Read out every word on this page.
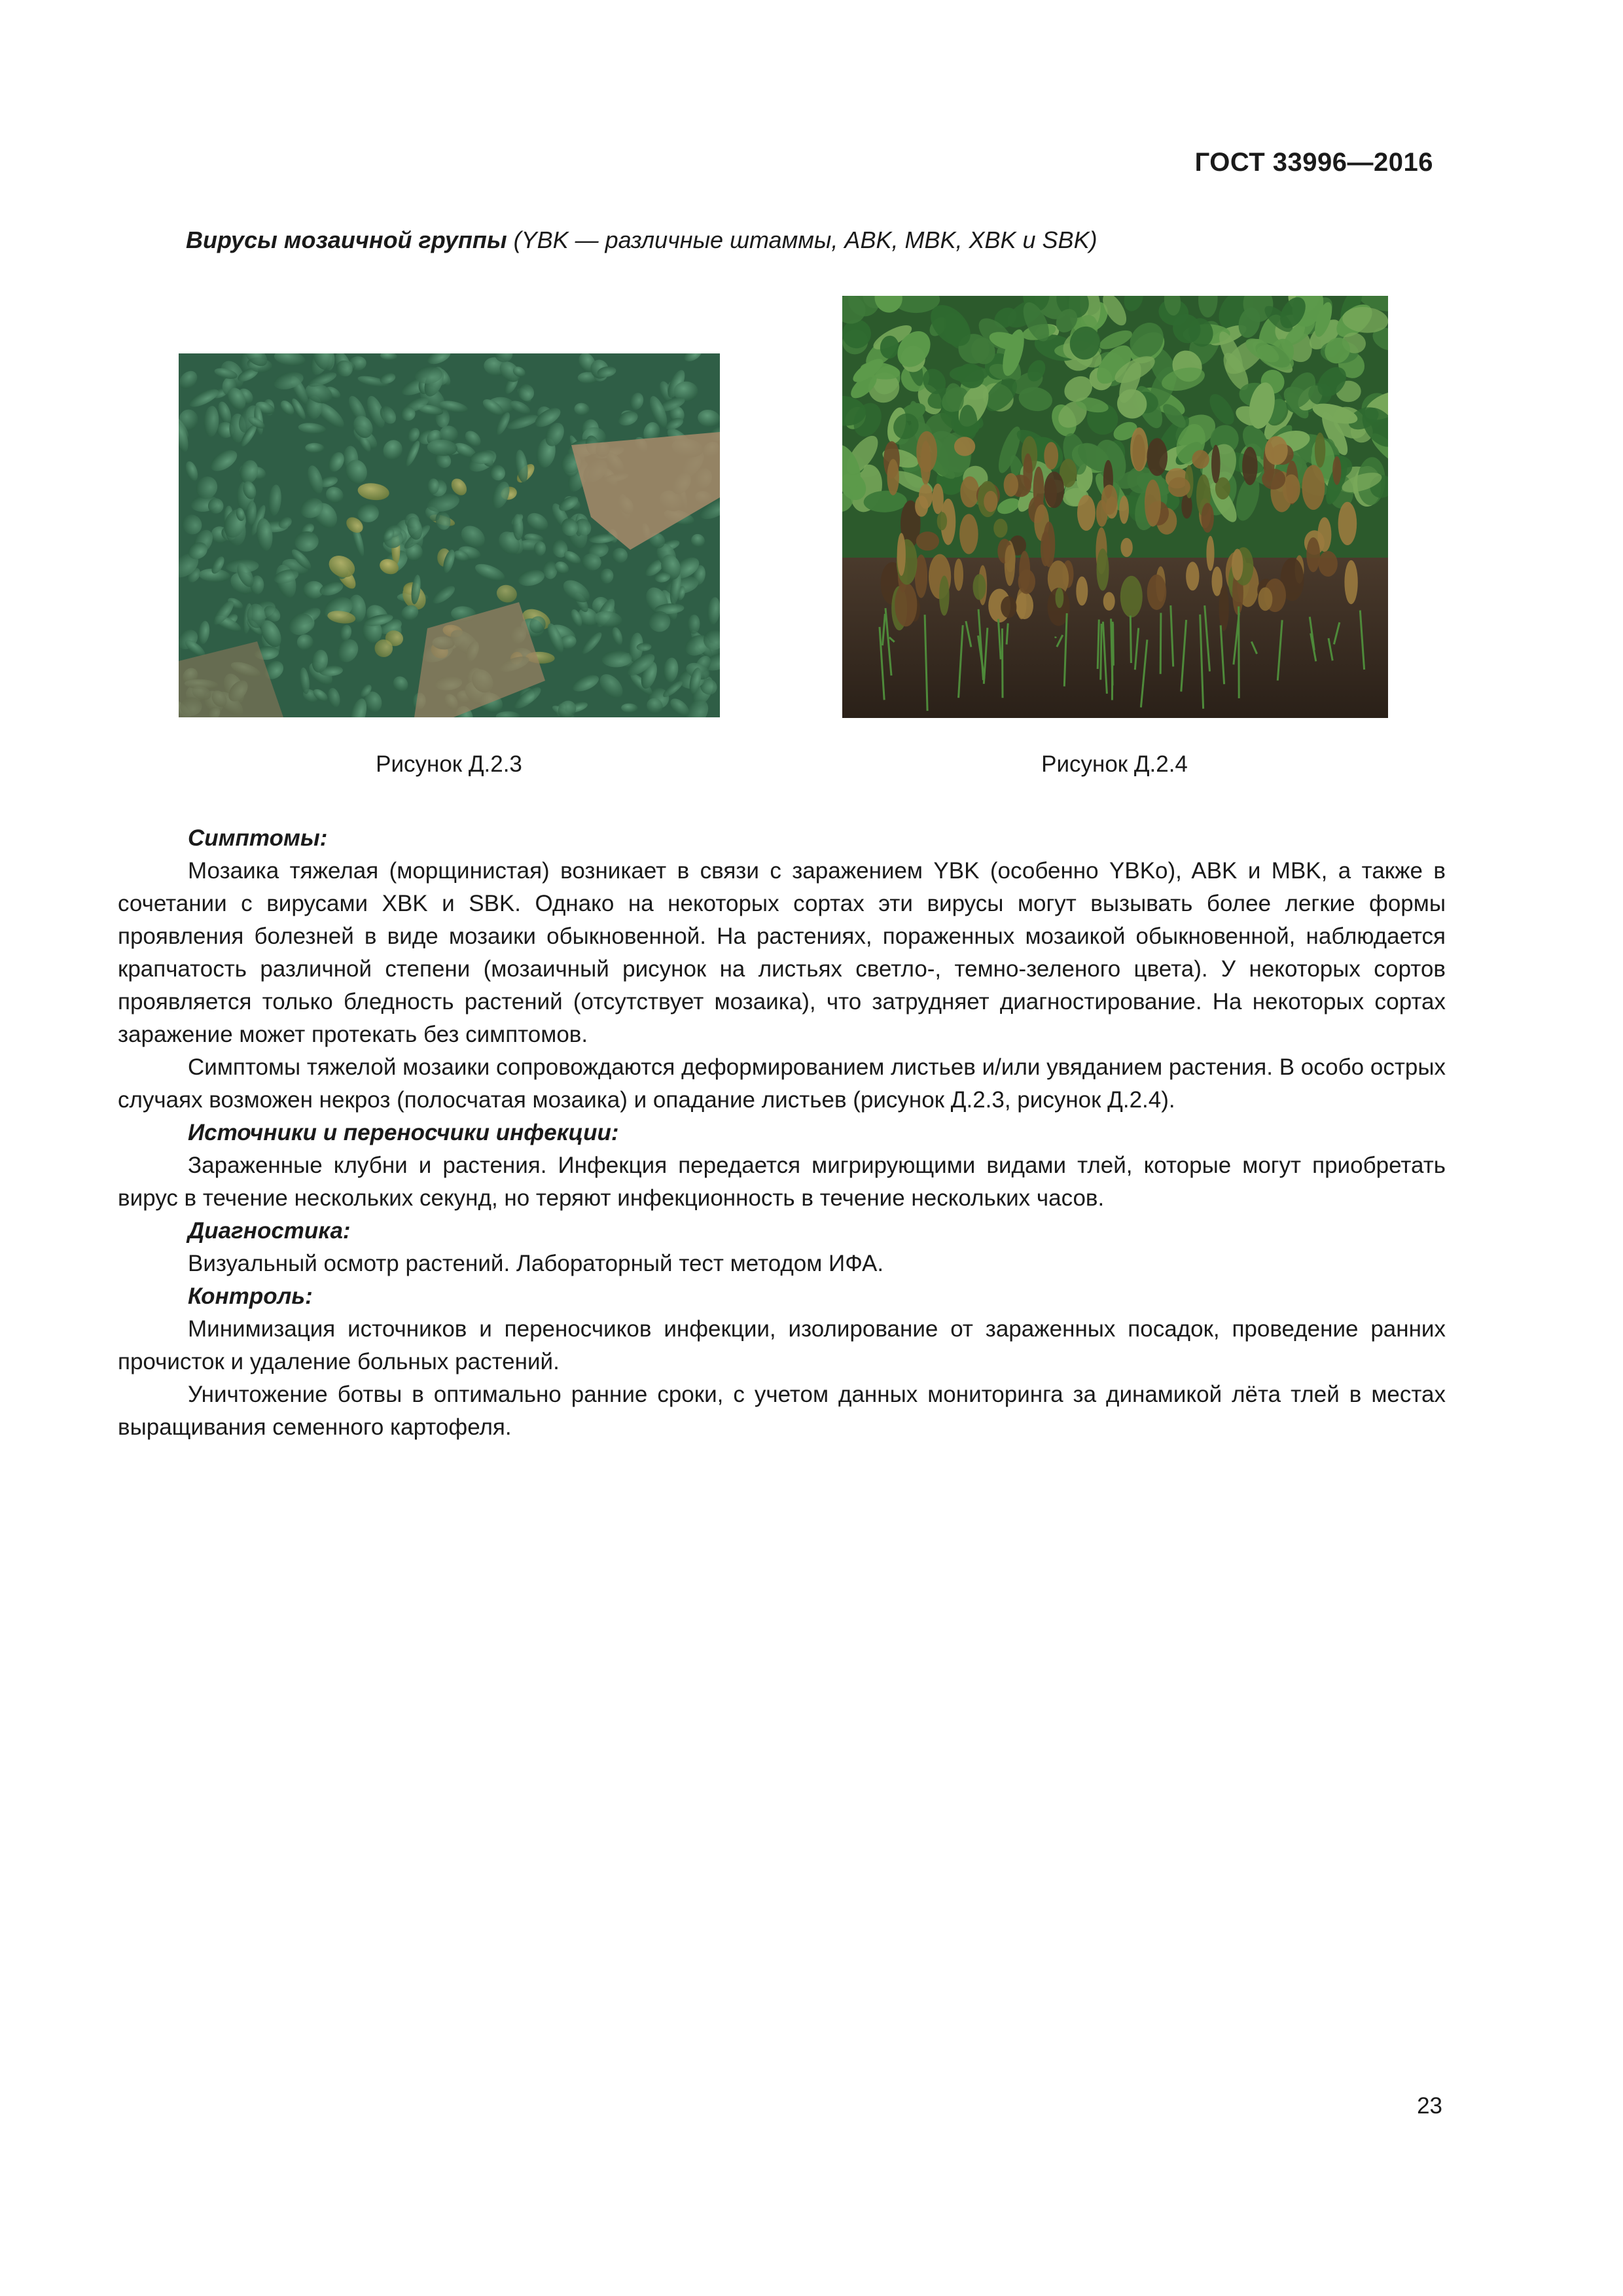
ГОСТ 33996—2016
Вирусы мозаичной группы (YBK — различные штаммы, ABK, MBK, XBK и SBK)
Рисунок Д.2.3	Рисунок Д.2.4
Симптомы:

Мозаика тяжелая (морщинистая) возникает в связи с заражением YBK (особенно YBKo), ABK и MBK, а также в сочетании с вирусами XBK и SBK. Однако на некоторых сортах эти вирусы могут вызывать более легкие формы проявления болезней в виде мозаики обыкновенной. На растениях, пораженных мозаикой обыкновенной, наблюдается крапчатость различной степени (мозаичный рисунок на листьях светло-, темно-зеленого цвета). У некоторых сортов проявляется только бледность растений (отсутствует мозаика), что затрудняет диагностирование. На некоторых сортах заражение может протекать без симптомов.

Симптомы тяжелой мозаики сопровождаются деформированием листьев и/или увяданием растения. В особо острых случаях возможен некроз (полосчатая мозаика) и опадание листьев (рисунок Д.2.3, рисунок Д.2.4).

Источники и переносчики инфекции:

Зараженные клубни и растения. Инфекция передается мигрирующими видами тлей, которые могут приобретать вирус в течение нескольких секунд, но теряют инфекционность в течение нескольких часов.

Диагностика:

Визуальный осмотр растений. Лабораторный тест методом ИФА.

Контроль:

Минимизация источников и переносчиков инфекции, изолирование от зараженных посадок, проведение ранних прочисток и удаление больных растений.

Уничтожение ботвы в оптимально ранние сроки, с учетом данных мониторинга за динамикой лёта тлей в местах выращивания семенного картофеля.

23
